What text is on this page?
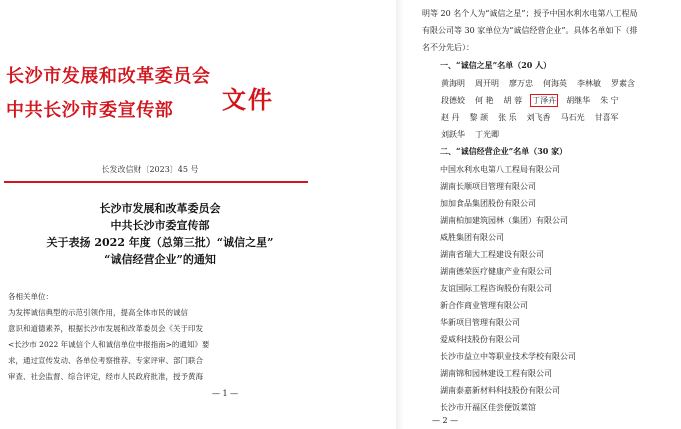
长沙市发展和改革委员会
中共长沙市委宣传部 文件
长发改信财〔2023〕45 号
长沙市发展和改革委员会
中共长沙市委宣传部
关于表扬 2022 年度（总第三批）“诚信之星”
“诚信经营企业”的通知
各相关单位：
为发挥诚信典型的示范引领作用，提高全体市民的诚信
意识和道德素养，根据长沙市发展和改革委员会《关于印发
<长沙市 2022 年诚信个人和诚信单位申报指南>的通知》要
求，通过宣传发动、各单位考察推荐、专家评审、部门联合
审查、社会监督、综合评定，经市人民政府批准，授予黄海
— 1 —
明等 20 名个人为“诚信之星”；授予中国水利水电第八工程局
有限公司等 30 家单位为“诚信经营企业”。具体名单如下（排
名不分先后）：
一、“诚信之星”名单（20 人）
黄海明 周开明 廖万忠 何海英 李林敏 罗素含
段德姣 何 艳 胡 蓉 丁泽卉 胡继华 朱 宁
赵 丹 黎 颉 张 乐 刘飞香 马石光 甘喜军
刘跃华 丁光卿
二、“诚信经营企业”名单（30 家）
中国水利水电第八工程局有限公司
湖南长顺项目管理有限公司
加加食品集团股份有限公司
湖南柏加建筑园林（集团）有限公司
威胜集团有限公司
湖南省瑞大工程建设有限公司
湖南德荣医疗健康产业有限公司
友谊国际工程咨询股份有限公司
新合作商业管理有限公司
华新项目管理有限公司
爱威科技股份有限公司
长沙市益立中等职业技术学校有限公司
湖南锦和园林建设工程有限公司
湖南泰嘉新材料科技股份有限公司
长沙市开福区佳尝便饭菜馆
— 2 —
